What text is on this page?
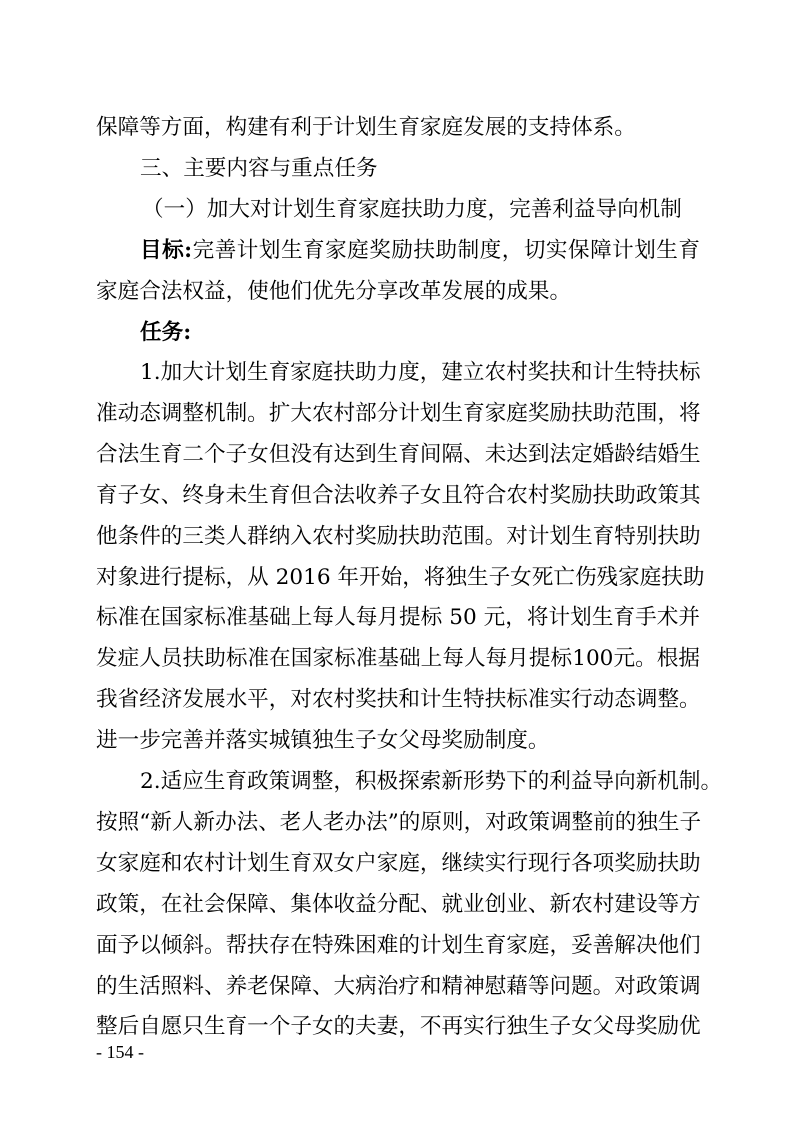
保障等方面，构建有利于计划生育家庭发展的支持体系。
三、主要内容与重点任务
（一）加大对计划生育家庭扶助力度，完善利益导向机制
目标:完善计划生育家庭奖励扶助制度，切实保障计划生育
家庭合法权益，使他们优先分享改革发展的成果。
任务:
1.加大计划生育家庭扶助力度，建立农村奖扶和计生特扶标
准动态调整机制。扩大农村部分计划生育家庭奖励扶助范围，将
合法生育二个子女但没有达到生育间隔、未达到法定婚龄结婚生
育子女、终身未生育但合法收养子女且符合农村奖励扶助政策其
他条件的三类人群纳入农村奖励扶助范围。对计划生育特别扶助
对象进行提标，从 2016 年开始，将独生子女死亡伤残家庭扶助
标准在国家标准基础上每人每月提标 50 元，将计划生育手术并
发症人员扶助标准在国家标准基础上每人每月提标100元。根据
我省经济发展水平，对农村奖扶和计生特扶标准实行动态调整。
进一步完善并落实城镇独生子女父母奖励制度。
2.适应生育政策调整，积极探索新形势下的利益导向新机制。
按照“新人新办法、老人老办法”的原则，对政策调整前的独生子
女家庭和农村计划生育双女户家庭，继续实行现行各项奖励扶助
政策，在社会保障、集体收益分配、就业创业、新农村建设等方
面予以倾斜。帮扶存在特殊困难的计划生育家庭，妥善解决他们
的生活照料、养老保障、大病治疗和精神慰藉等问题。对政策调
整后自愿只生育一个子女的夫妻，不再实行独生子女父母奖励优
- 154 -
